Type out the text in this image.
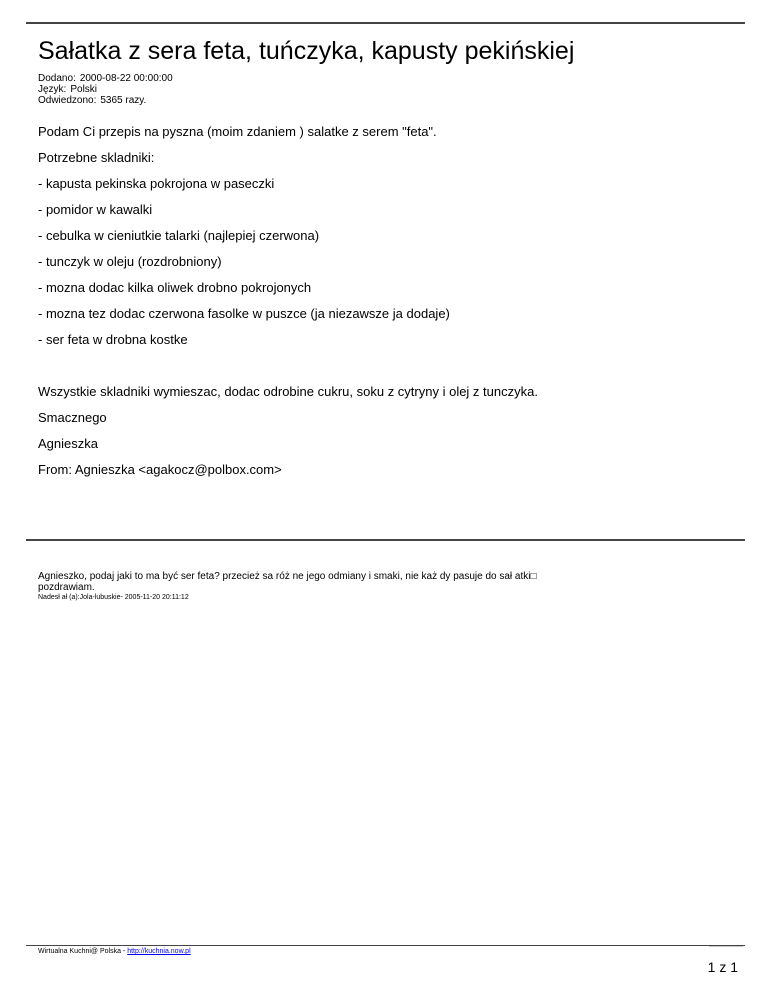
Sałatka z sera feta, tuńczyka, kapusty pekińskiej
Dodano: 2000-08-22 00:00:00
Język: Polski
Odwiedzono: 5365 razy.
Podam Ci przepis na pyszna (moim zdaniem ) salatke z serem "feta".
Potrzebne skladniki:
- kapusta pekinska pokrojona w paseczki
- pomidor w kawalki
- cebulka w cieniutkie talarki (najlepiej czerwona)
- tunczyk w oleju (rozdrobniony)
- mozna dodac kilka oliwek drobno pokrojonych
- mozna tez dodac czerwona fasolke w puszce (ja niezawsze ja dodaje)
- ser feta w drobna kostke
Wszystkie skladniki wymieszac, dodac odrobine cukru, soku z cytryny i olej z tunczyka.
Smacznego
Agnieszka
From: Agnieszka <agakocz@polbox.com>
Agnieszko, podaj jaki to ma być ser feta? przecież sa róż ne jego odmiany i smaki, nie każ dy pasuje do sał atki□
pozdrawiam.
Nadesł ał (a):Jola-lubuskie- 2005-11-20 20:11:12
Wirtualna Kuchni@ Polska - http://kuchnia.now.pl
1 z 1
